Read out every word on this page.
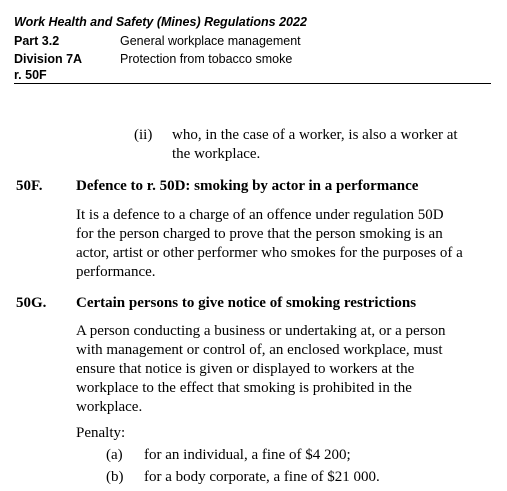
Work Health and Safety (Mines) Regulations 2022
Part 3.2	General workplace management
Division 7A	Protection from tobacco smoke
r. 50F
(ii) who, in the case of a worker, is also a worker at
the workplace.
50F. Defence to r. 50D: smoking by actor in a performance
It is a defence to a charge of an offence under regulation 50D
for the person charged to prove that the person smoking is an
actor, artist or other performer who smokes for the purposes of a
performance.
50G. Certain persons to give notice of smoking restrictions
A person conducting a business or undertaking at, or a person
with management or control of, an enclosed workplace, must
ensure that notice is given or displayed to workers at the
workplace to the effect that smoking is prohibited in the
workplace.
Penalty:
(a) for an individual, a fine of $4 200;
(b) for a body corporate, a fine of $21 000.
